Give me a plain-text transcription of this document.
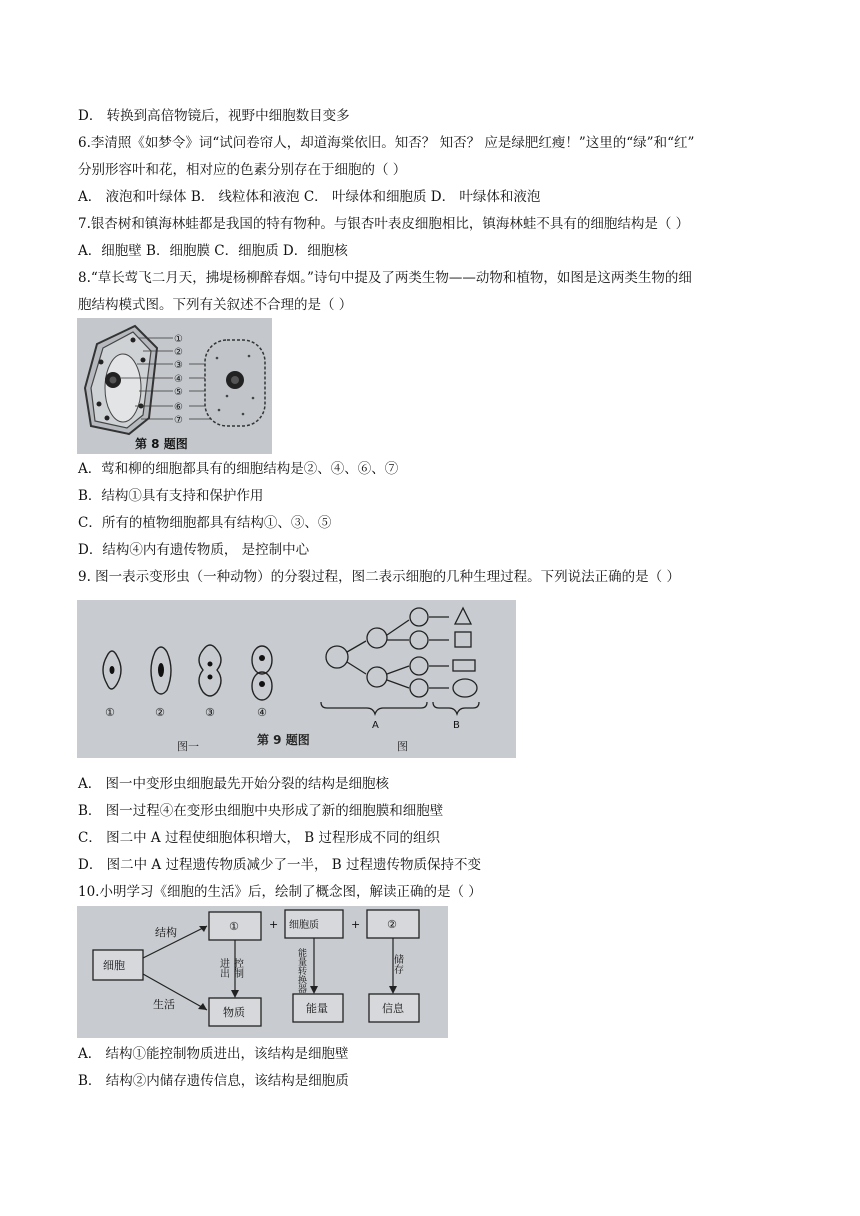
D． 转换到高倍物镜后，视野中细胞数目变多
6.李清照《如梦令》词“试问卷帘人，却道海棠依旧。知否？ 知否？ 应是绿肥红瘦！”这里的“绿”和“红”
分别形容叶和花，相对应的色素分别存在于细胞的（ ）
A． 液泡和叶绿体 B． 线粒体和液泡 C． 叶绿体和细胞质 D． 叶绿体和液泡
7.银杏树和镇海林蛙都是我国的特有物种。与银杏叶表皮细胞相比，镇海林蛙不具有的细胞结构是（ ）
A．细胞壁 B．细胞膜 C．细胞质 D．细胞核
8.“草长莺飞二月天，拂堤杨柳醉春烟。”诗句中提及了两类生物——动物和植物，如图是这两类生物的细
胞结构模式图。下列有关叙述不合理的是（ ）
①
②
③
④
⑤
⑥
⑦
第 8 题图
A．莺和柳的细胞都具有的细胞结构是②、④、⑥、⑦
B．结构①具有支持和保护作用
C．所有的植物细胞都具有结构①、③、⑤
D．结构④内有遗传物质， 是控制中心
9. 图一表示变形虫（一种动物）的分裂过程，图二表示细胞的几种生理过程。下列说法正确的是（ ）
①	②	③	④
A	B
图一	第 9 题图	图
A． 图一中变形虫细胞最先开始分裂的结构是细胞核
B． 图一过程④在变形虫细胞中央形成了新的细胞膜和细胞壁
C． 图二中 A 过程使细胞体积增大， B 过程形成不同的组织
D． 图二中 A 过程遗传物质减少了一半， B 过程遗传物质保持不变
10.小明学习《细胞的生活》后，绘制了概念图，解读正确的是（ ）
细胞
结构
生活
①	+ 细胞质	+ ②
控制
进出	能量转换器	储存
物质	能量	信息
A． 结构①能控制物质进出，该结构是细胞壁
B． 结构②内储存遗传信息，该结构是细胞质
